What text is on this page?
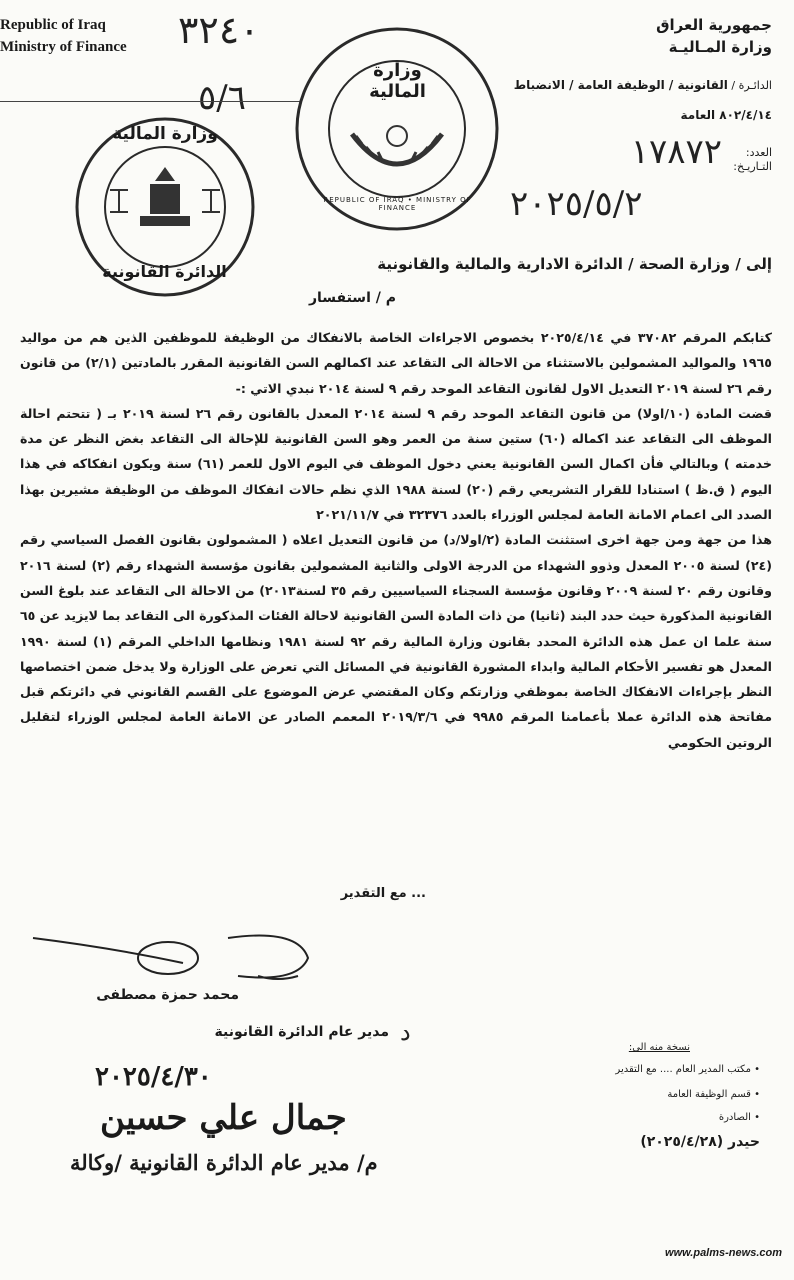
Republic of Iraq
Ministry of Finance
جمهورية العراق
وزارة المـاليـة
الدائـرة / القانونية / الوظيفة العامة / الانضباط
٨٠٢/٤/١٤ العامة
العدد:
التـاريـخ:
١٧٨٧٢
٢٠٢٥/٥/٢
٣٢٤٠
٥/٦
وزارة المالية
الدائرة القانونية
وزارة المالية
REPUBLIC OF IRAQ • MINISTRY OF FINANCE
إلى / وزارة الصحة / الدائرة الادارية والمالية والقانونية
م / استفسار

كتابكم المرقم ٣٧٠٨٢ في ٢٠٢٥/٤/١٤ بخصوص الاجراءات الخاصة بالانفكاك من الوظيفة للموظفين الذين هم من مواليد ١٩٦٥ والمواليد المشمولين بالاستثناء من الاحالة الى التقاعد عند اكمالهم السن القانونية المقرر بالمادتين (٢/١) من قانون رقم ٢٦ لسنة ٢٠١٩ التعديل الاول لقانون التقاعد الموحد رقم ٩ لسنة ٢٠١٤ نبدي الاتي :-

قضت المادة (١٠/اولا) من قانون التقاعد الموحد رقم ٩ لسنة ٢٠١٤ المعدل بالقانون رقم ٢٦ لسنة ٢٠١٩ بـ ( تتحتم احالة الموظف الى التقاعد عند اكماله (٦٠) ستين سنة من العمر وهو السن القانونية للإحالة الى التقاعد بغض النظر عن مدة خدمته ) وبالتالي فأن اكمال السن القانونية يعني دخول الموظف في اليوم الاول للعمر (٦١) سنة ويكون انفكاكه في هذا اليوم ( ق.ظ ) استنادا للقرار التشريعي رقم (٢٠) لسنة ١٩٨٨ الذي نظم حالات انفكاك الموظف من الوظيفة مشيرين بهذا الصدد الى اعمام الامانة العامة لمجلس الوزراء بالعدد ٣٢٣٧٦ في ٢٠٢١/١١/٧

هذا من جهة ومن جهة اخرى استثنت المادة (٢/اولا/د) من قانون التعديل اعلاه ( المشمولون بقانون الفصل السياسي رقم (٢٤) لسنة ٢٠٠٥ المعدل وذوو الشهداء من الدرجة الاولى والثانية المشمولين بقانون مؤسسة الشهداء رقم (٢) لسنة ٢٠١٦ وقانون رقم ٢٠ لسنة ٢٠٠٩ وقانون مؤسسة السجناء السياسيين رقم ٣٥ لسنة٢٠١٣) من الاحالة الى التقاعد عند بلوغ السن القانونية المذكورة حيث حدد البند (ثانيا) من ذات المادة السن القانونية لاحالة الفئات المذكورة الى التقاعد بما لايزيد عن ٦٥ سنة علما ان عمل هذه الدائرة المحدد بقانون وزارة المالية رقم ٩٢ لسنة ١٩٨١ ونظامها الداخلي المرقم (١) لسنة ١٩٩٠ المعدل هو تفسير الأحكام المالية وابداء المشورة القانونية في المسائل التي تعرض على الوزارة ولا يدخل ضمن اختصاصها النظر بإجراءات الانفكاك الخاصة بموظفي وزارتكم وكان المقتضي عرض الموضوع على القسم القانوني في دائرتكم قبل مفاتحة هذه الدائرة عملا بأعمامنا المرقم ٩٩٨٥ في ٢٠١٩/٣/٦ المعمم الصادر عن الامانة العامة لمجلس الوزراء لتقليل الروتين الحكومي

... مع التقدير
محمد حمزة مصطفى
مدير عام الدائرة القانونية د
٢٠٢٥/٤/٣٠
جمال علي حسين
م/ مدير عام الدائرة القانونية /وكالة
نسخة منه الى:
• مكتب المدير العام .... مع التقدير
• قسم الوظيفة العامة
• الصادرة
حيدر (٢٠٢٥/٤/٢٨)
www.palms-news.com
